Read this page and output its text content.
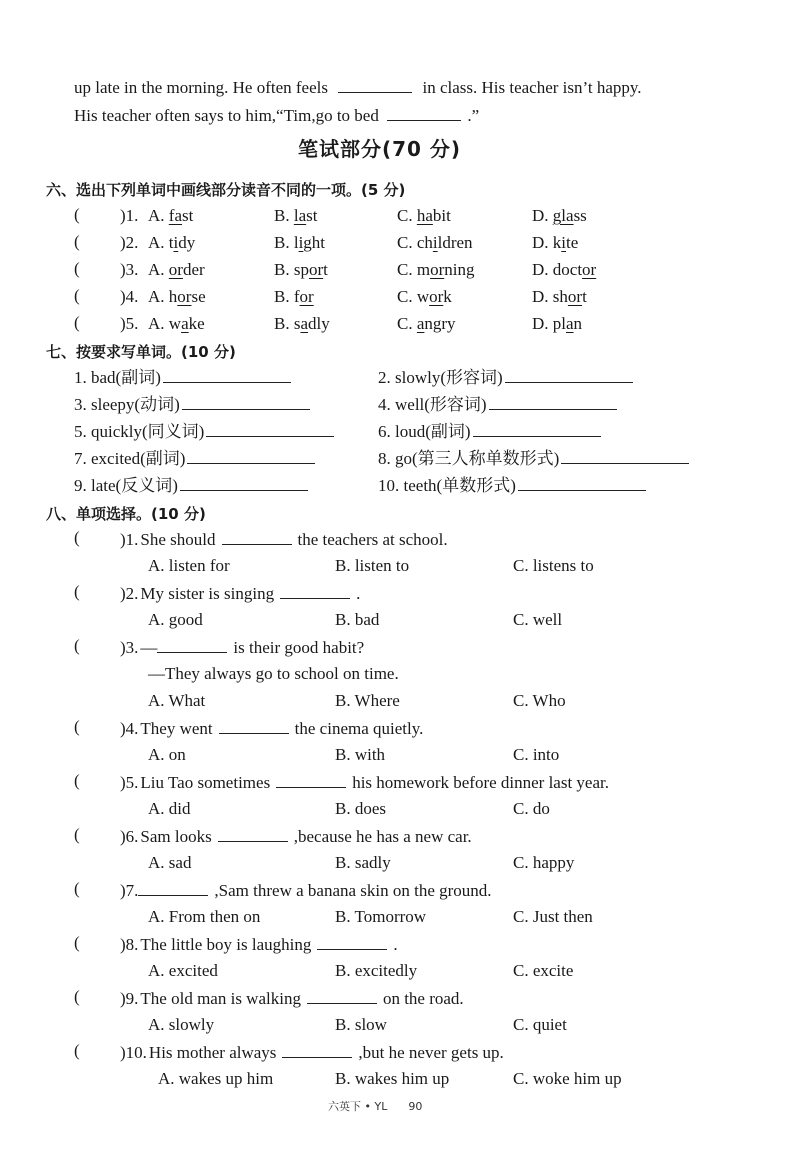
up late in the morning. He often feels	in class. His teacher isn’t happy.
His teacher often says to him,“Tim,go to bed	.”
笔试部分(70 分)
六、选出下列单词中画线部分读音不同的一项。(5 分)
( )1. A. fast	B. last	C. habit	D. glass
( )2. A. tidy	B. light	C. children	D. kite
( )3. A. order	B. sport	C. morning	D. doctor
( )4. A. horse	B. for	C. work	D. short
( )5. A. wake	B. sadly	C. angry	D. plan
七、按要求写单词。(10 分)
1. bad(副词)	2. slowly(形容词)
3. sleepy(动词)	4. well(形容词)
5. quickly(同义词)	6. loud(副词)
7. excited(副词)	8. go(第三人称单数形式)
9. late(反义词)	10. teeth(单数形式)
八、单项选择。(10 分)
( )1. She should	the teachers at school.
A. listen for	B. listen to	C. listens to
( )2. My sister is singing	.
A. good	B. bad	C. well
( )3. —	is their good habit?
—They always go to school on time.
A. What	B. Where	C. Who
( )4. They went	the cinema quietly.
A. on	B. with	C. into
( )5. Liu Tao sometimes	his homework before dinner last year.
A. did	B. does	C. do
( )6. Sam looks	,because he has a new car.
A. sad	B. sadly	C. happy
( )7.	,Sam threw a banana skin on the ground.
A. From then on	B. Tomorrow	C. Just then
( )8. The little boy is laughing	.
A. excited	B. excitedly	C. excite
( )9. The old man is walking	on the road.
A. slowly	B. slow	C. quiet
( )10. His mother always	,but he never gets up.
A. wakes up him	B. wakes him up	C. woke him up
六英下 • YL 90
